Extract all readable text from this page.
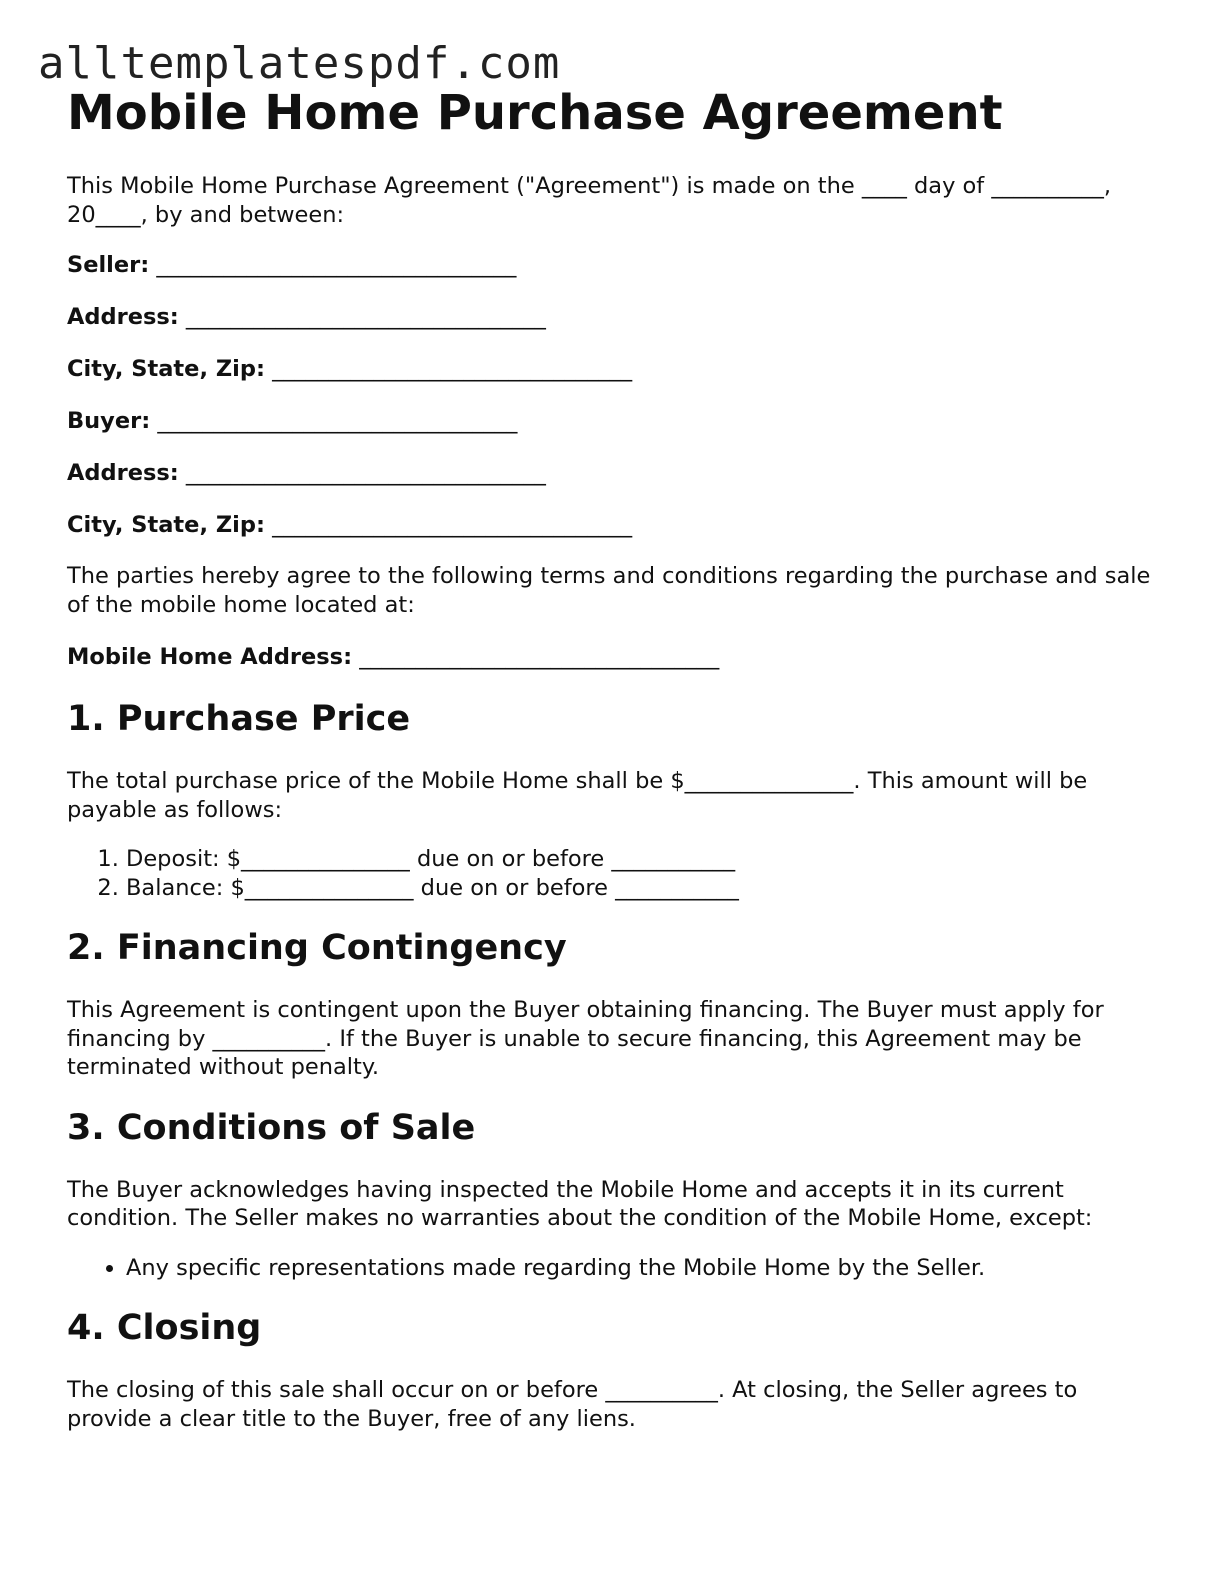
alltemplatespdf.com
Mobile Home Purchase Agreement

This Mobile Home Purchase Agreement ("Agreement") is made on the ____ day of __________, 20____, by and between:

Seller: ________________________________
Address: ________________________________
City, State, Zip: ________________________________
Buyer: ________________________________
Address: ________________________________
City, State, Zip: ________________________________

The parties hereby agree to the following terms and conditions regarding the purchase and sale of the mobile home located at:

Mobile Home Address: ________________________________
1. Purchase Price

The total purchase price of the Mobile Home shall be $_______________. This amount will be payable as follows:

1. Deposit: $_______________ due on or before ___________
2. Balance: $_______________ due on or before ___________
2. Financing Contingency

This Agreement is contingent upon the Buyer obtaining financing. The Buyer must apply for financing by __________. If the Buyer is unable to secure financing, this Agreement may be terminated without penalty.

3. Conditions of Sale

The Buyer acknowledges having inspected the Mobile Home and accepts it in its current condition. The Seller makes no warranties about the condition of the Mobile Home, except:

• Any specific representations made regarding the Mobile Home by the Seller.
4. Closing

The closing of this sale shall occur on or before __________. At closing, the Seller agrees to provide a clear title to the Buyer, free of any liens.
